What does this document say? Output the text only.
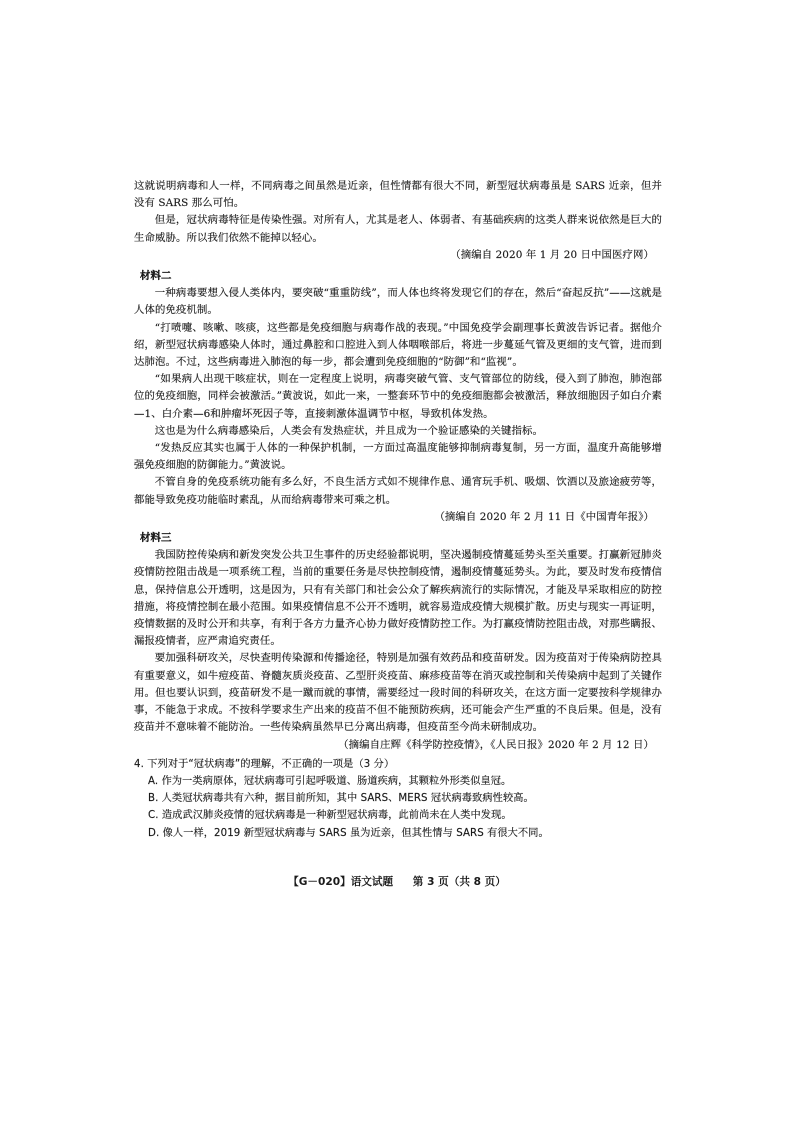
这就说明病毒和人一样，不同病毒之间虽然是近亲，但性情都有很大不同，新型冠状病毒虽是 SARS 近亲，但并没有 SARS 那么可怕。

但是，冠状病毒特征是传染性强。对所有人，尤其是老人、体弱者、有基础疾病的这类人群来说依然是巨大的生命威胁。所以我们依然不能掉以轻心。

（摘编自 2020 年 1 月 20 日中国医疗网）

材料二

一种病毒要想入侵人类体内，要突破“重重防线”，而人体也终将发现它们的存在，然后“奋起反抗”——这就是人体的免疫机制。

“打喷嚏、咳嗽、咳痰，这些都是免疫细胞与病毒作战的表现。”中国免疫学会副理事长黄波告诉记者。据他介绍，新型冠状病毒感染人体时，通过鼻腔和口腔进入到人体咽喉部后，将进一步蔓延气管及更细的支气管，进而到达肺泡。不过，这些病毒进入肺泡的每一步，都会遭到免疫细胞的“防御”和“监视”。

“如果病人出现干咳症状，则在一定程度上说明，病毒突破气管、支气管部位的防线，侵入到了肺泡，肺泡部位的免疫细胞，同样会被激活。”黄波说，如此一来，一整套环节中的免疫细胞都会被激活，释放细胞因子如白介素—1、白介素—6和肿瘤坏死因子等，直接刺激体温调节中枢，导致机体发热。

这也是为什么病毒感染后，人类会有发热症状，并且成为一个验证感染的关键指标。

“发热反应其实也属于人体的一种保护机制，一方面过高温度能够抑制病毒复制，另一方面，温度升高能够增强免疫细胞的防御能力。”黄波说。

不管自身的免疫系统功能有多么好，不良生活方式如不规律作息、通宵玩手机、吸烟、饮酒以及旅途疲劳等，都能导致免疫功能临时素乱，从而给病毒带来可乘之机。

（摘编自 2020 年 2 月 11 日《中国青年报》）

材料三

我国防控传染病和新发突发公共卫生事件的历史经验都说明，坚决遏制疫情蔓延势头至关重要。打赢新冠肺炎疫情防控阻击战是一项系统工程，当前的重要任务是尽快控制疫情，遏制疫情蔓延势头。为此，要及时发布疫情信息，保持信息公开透明，这是因为，只有有关部门和社会公众了解疾病流行的实际情况，才能及早采取相应的防控措施，将疫情控制在最小范围。如果疫情信息不公开不透明，就容易造成疫情大规模扩散。历史与现实一再证明，疫情数据的及时公开和共享，有利于各方力量齐心协力做好疫情防控工作。为打赢疫情防控阻击战，对那些瞒报、漏报疫情者，应严肃追究责任。

要加强科研攻关，尽快查明传染源和传播途径，特别是加强有效药品和疫苗研发。因为疫苗对于传染病防控具有重要意义，如牛痘疫苗、脊髓灰质炎疫苗、乙型肝炎疫苗、麻疹疫苗等在消灭或控制和关传染病中起到了关键作用。但也要认识到，疫苗研发不是一蹴而就的事情，需要经过一段时间的科研攻关，在这方面一定要按科学规律办事，不能急于求成。不按科学要求生产出来的疫苗不但不能预防疾病，还可能会产生严重的不良后果。但是，没有疫苗并不意味着不能防治。一些传染病虽然早已分离出病毒，但疫苗至今尚未研制成功。

（摘编自庄辉《科学防控疫情》，《人民日报》2020 年 2 月 12 日）

4. 下列对于“冠状病毒”的理解，不正确的一项是（3 分）

A. 作为一类病原体，冠状病毒可引起呼吸道、肠道疾病，其颗粒外形类似皇冠。

B. 人类冠状病毒共有六种，据目前所知，其中 SARS、MERS 冠状病毒致病性较高。

C. 造成武汉肺炎疫情的冠状病毒是一种新型冠状病毒，此前尚未在人类中发现。

D. 像人一样，2019 新型冠状病毒与 SARS 虽为近亲，但其性情与 SARS 有很大不同。

【G－020】语文试题 第 3 页（共 8 页）
